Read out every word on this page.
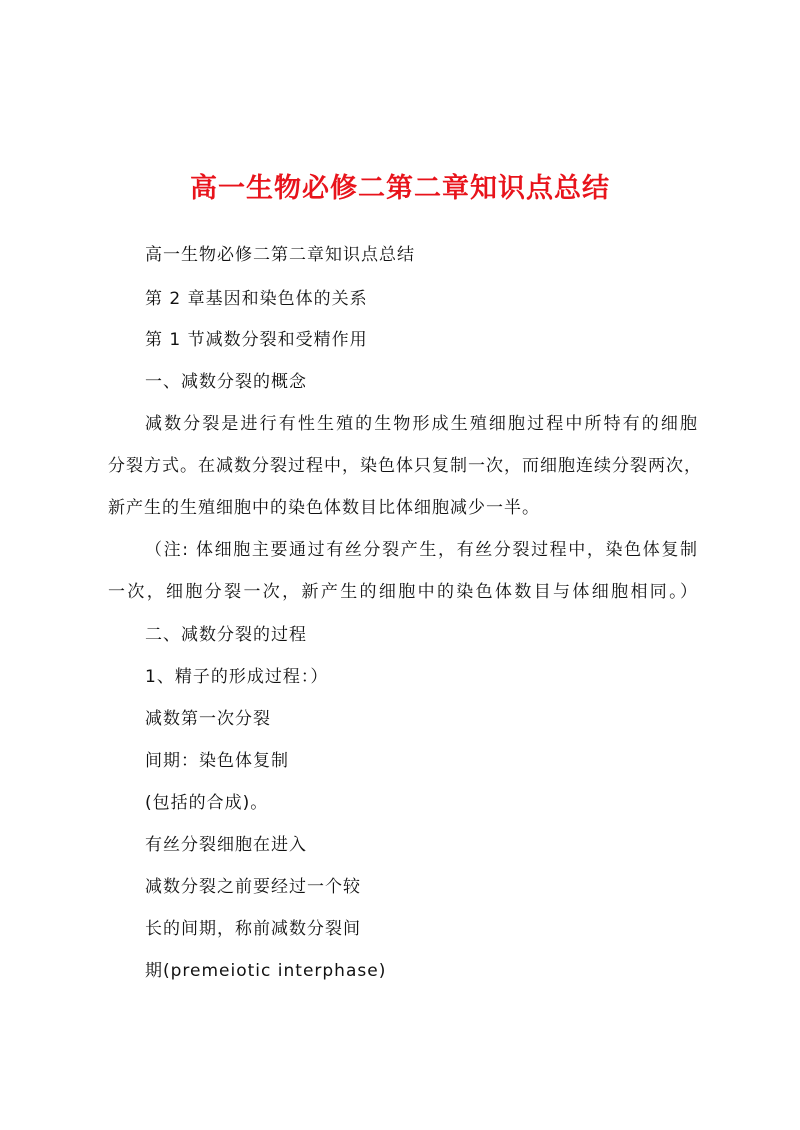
高一生物必修二第二章知识点总结
高一生物必修二第二章知识点总结
第 2 章基因和染色体的关系
第 1 节减数分裂和受精作用
一、减数分裂的概念
减数分裂是进行有性生殖的生物形成生殖细胞过程中所特有的细胞
分裂方式。在减数分裂过程中，染色体只复制一次，而细胞连续分裂两次，
新产生的生殖细胞中的染色体数目比体细胞减少一半。
（注: 体细胞主要通过有丝分裂产生，有丝分裂过程中，染色体复制
一次，细胞分裂一次，新产生的细胞中的染色体数目与体细胞相同。）
二、减数分裂的过程
1、精子的形成过程：）
减数第一次分裂
间期：染色体复制
(包括的合成)。
有丝分裂细胞在进入
减数分裂之前要经过一个较
长的间期，称前减数分裂间
期(premeiotic interphase)
